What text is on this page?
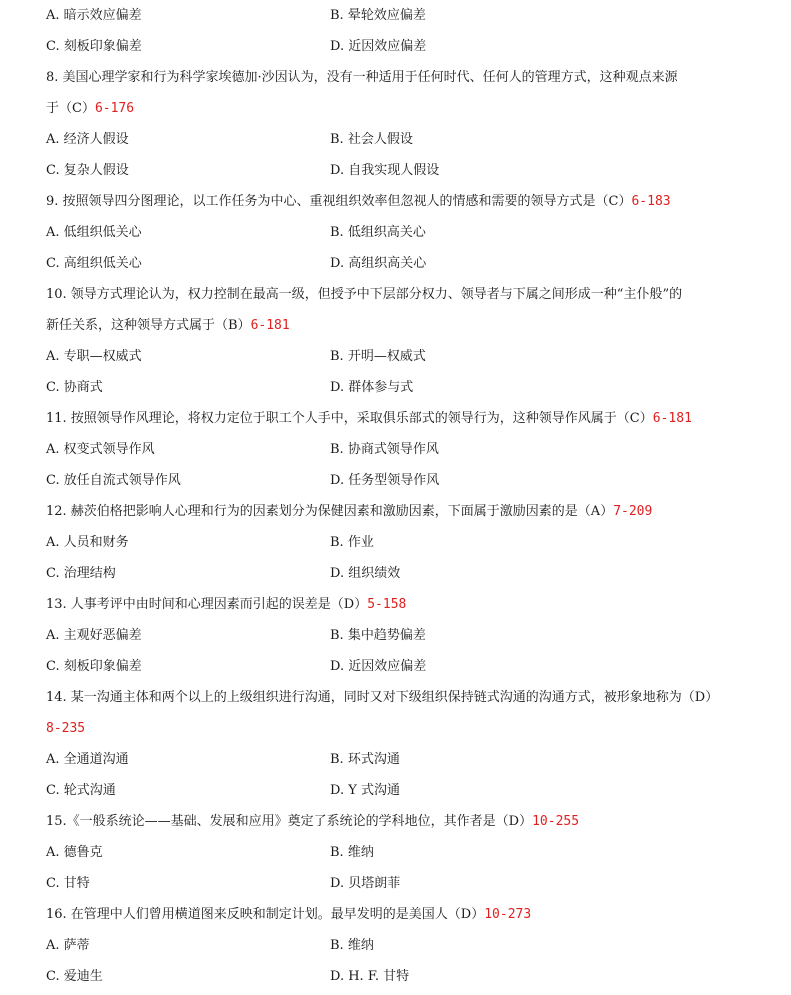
A. 暗示效应偏差	B. 晕轮效应偏差
C. 刻板印象偏差	D. 近因效应偏差
8. 美国心理学家和行为科学家埃德加·沙因认为，没有一种适用于任何时代、任何人的管理方式，这种观点来源
于（C）6-176
A. 经济人假设	B. 社会人假设
C. 复杂人假设	D. 自我实现人假设
9. 按照领导四分图理论，以工作任务为中心、重视组织效率但忽视人的情感和需要的领导方式是（C）6-183
A. 低组织低关心	B. 低组织高关心
C. 高组织低关心	D. 高组织高关心
10. 领导方式理论认为，权力控制在最高一级，但授予中下层部分权力、领导者与下属之间形成一种“主仆般”的
新任关系，这种领导方式属于（B）6-181
A. 专职—权威式	B. 开明—权威式
C. 协商式	D. 群体参与式
11. 按照领导作风理论，将权力定位于职工个人手中，采取俱乐部式的领导行为，这种领导作风属于（C）6-181
A. 权变式领导作风	B. 协商式领导作风
C. 放任自流式领导作风	D. 任务型领导作风
12. 赫茨伯格把影响人心理和行为的因素划分为保健因素和激励因素，下面属于激励因素的是（A）7-209
A. 人员和财务	B. 作业
C. 治理结构	D. 组织绩效
13. 人事考评中由时间和心理因素而引起的误差是（D）5-158
A. 主观好恶偏差	B. 集中趋势偏差
C. 刻板印象偏差	D. 近因效应偏差
14. 某一沟通主体和两个以上的上级组织进行沟通，同时又对下级组织保持链式沟通的沟通方式，被形象地称为（D）
8-235
A. 全通道沟通	B. 环式沟通
C. 轮式沟通	D. Y 式沟通
15.《一般系统论——基础、发展和应用》奠定了系统论的学科地位，其作者是（D）10-255
A. 德鲁克	B. 维纳
C. 甘特	D. 贝塔朗菲
16. 在管理中人们曾用横道图来反映和制定计划。最早发明的是美国人（D）10-273
A. 萨蒂	B. 维纳
C. 爱迪生	D. H. F. 甘特
